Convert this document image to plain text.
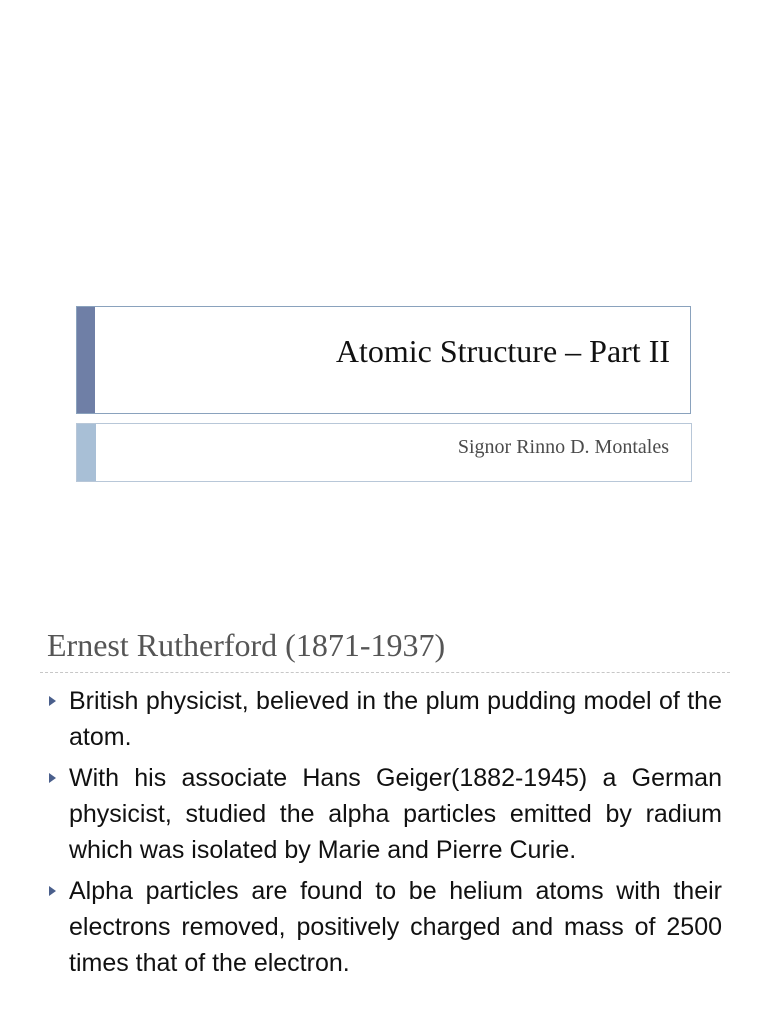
Atomic Structure – Part II
Signor Rinno D. Montales
Ernest Rutherford (1871-1937)
British physicist, believed in the plum pudding model of the atom.
With his associate Hans Geiger(1882-1945) a German physicist, studied the alpha particles emitted by radium which was isolated by Marie and Pierre Curie.
Alpha particles are found to be helium atoms with their electrons removed, positively charged and mass of 2500 times that of the electron.
